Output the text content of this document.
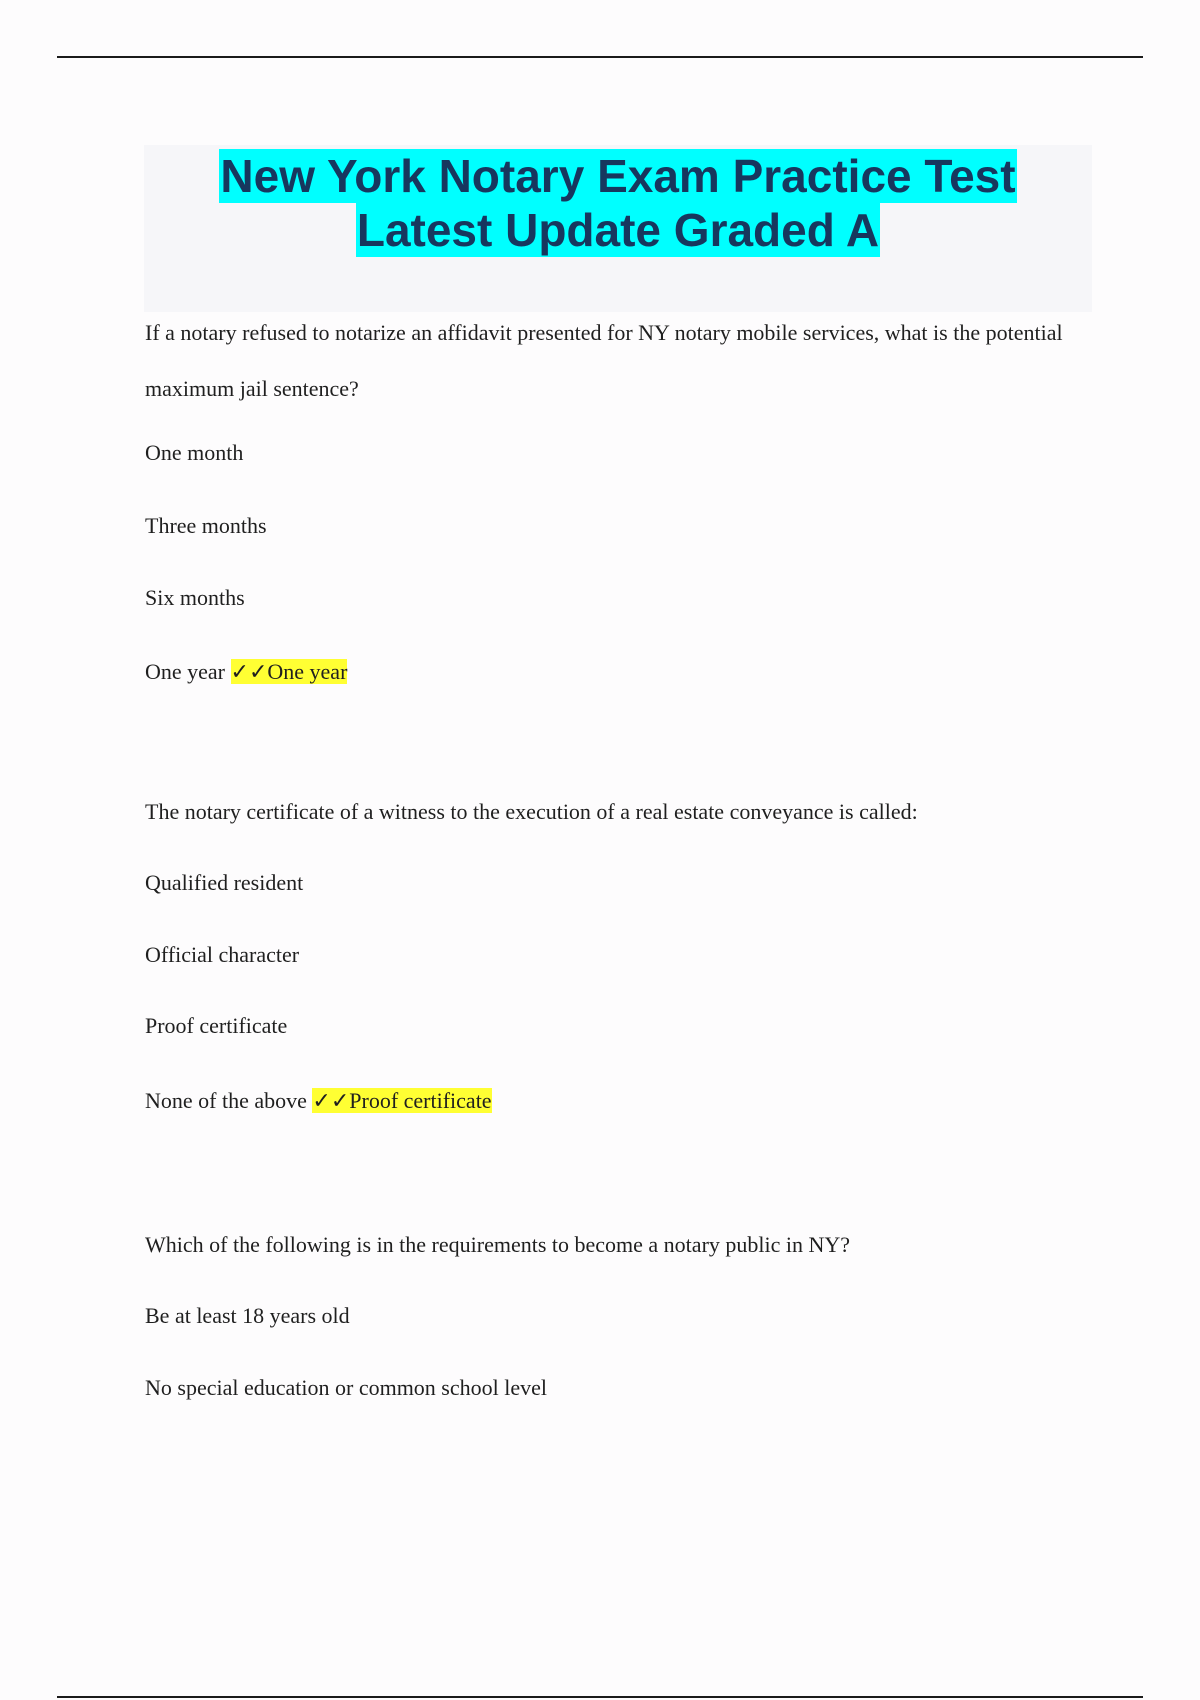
New York Notary Exam Practice Test
Latest Update Graded A

If a notary refused to notarize an affidavit presented for NY notary mobile services, what is the potential maximum jail sentence?

One month

Three months

Six months

One year ✓✓One year

The notary certificate of a witness to the execution of a real estate conveyance is called:

Qualified resident

Official character

Proof certificate

None of the above ✓✓Proof certificate

Which of the following is in the requirements to become a notary public in NY?

Be at least 18 years old

No special education or common school level
